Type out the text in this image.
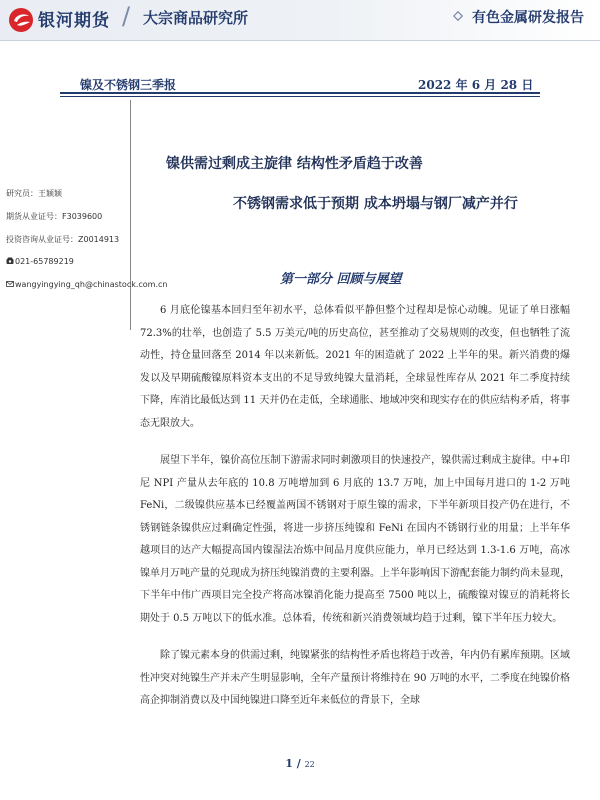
银河期货 / 大宗商品研究所	有色金属研发报告
镍及不锈钢三季报	2022 年 6 月 28 日
镍供需过剩成主旋律 结构性矛盾趋于改善
不锈钢需求低于预期 成本坍塌与钢厂减产并行
研究员：王颖颖
期货从业证号：F3039600
投资咨询从业证号：Z0014913
021-65789219
wangyingying_qh@chinastock.com.cn	第一部分 回顾与展望

6 月底伦镍基本回归至年初水平，总体看似平静但整个过程却是惊心动魄。见证了单日涨幅 72.3%的壮举，也创造了 5.5 万美元/吨的历史高位，甚至推动了交易规则的改变，但也牺牲了流动性，持仓量回落至 2014 年以来新低。2021 年的困造就了 2022 上半年的果。新兴消费的爆发以及早期硫酸镍原料资本支出的不足导致纯镍大量消耗，全球显性库存从 2021 年二季度持续下降，库消比最低达到 11 天并仍在走低，全球通胀、地域冲突和现实存在的供应结构矛盾，将事态无限放大。

展望下半年，镍价高位压制下游需求同时刺激项目的快速投产，镍供需过剩成主旋律。中+印尼 NPI 产量从去年底的 10.8 万吨增加到 6 月底的 13.7 万吨，加上中国每月进口的 1-2 万吨 FeNi，二级镍供应基本已经覆盖两国不锈钢对于原生镍的需求，下半年新项目投产仍在进行，不锈钢链条镍供应过剩确定性强，将进一步挤压纯镍和 FeNi 在国内不锈钢行业的用量；上半年华越项目的达产大幅提高国内镍湿法冶炼中间品月度供应能力，单月已经达到 1.3-1.6 万吨，高冰镍单月万吨产量的兑现成为挤压纯镍消费的主要利器。上半年影响因下游配套能力制约尚未显现，下半年中伟广西项目完全投产将高冰镍消化能力提高至 7500 吨以上，硫酸镍对镍豆的消耗将长期处于 0.5 万吨以下的低水准。总体看，传统和新兴消费领域均趋于过剩，镍下半年压力较大。

除了镍元素本身的供需过剩，纯镍紧张的结构性矛盾也将趋于改善，年内仍有累库预期。区域性冲突对纯镍生产并未产生明显影响，全年产量预计将维持在 90 万吨的水平，二季度在纯镍价格高企抑制消费以及中国纯镍进口降至近年来低位的背景下，全球

1 / 22
